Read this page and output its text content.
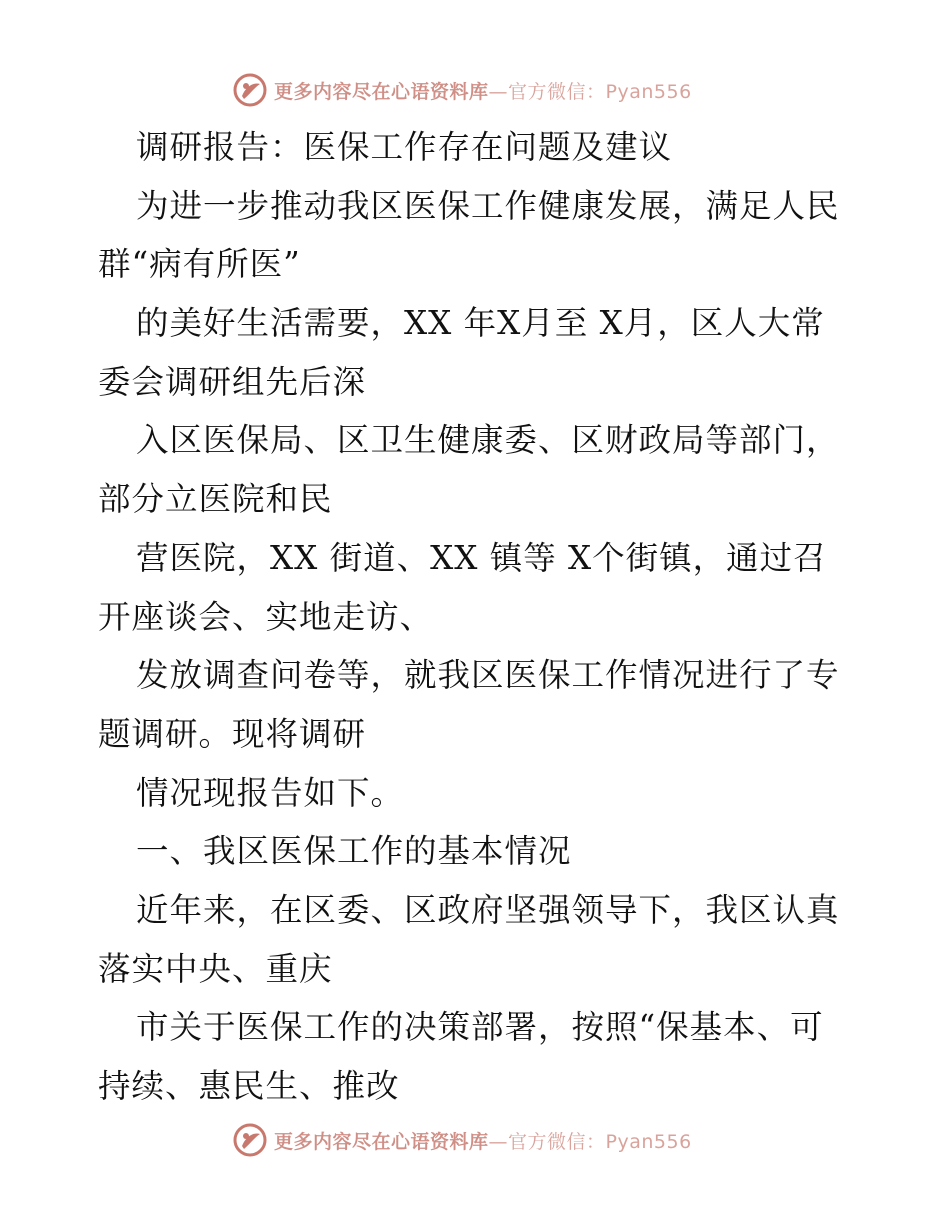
更多内容尽在心语资料库—官方微信：Pyan556
调研报告：医保工作存在问题及建议
为进一步推动我区医保工作健康发展，满足人民
群“病有所医”
的美好生活需要，XX 年X月至 X月，区人大常
委会调研组先后深
入区医保局、区卫生健康委、区财政局等部门，
部分立医院和民
营医院，XX 街道、XX 镇等 X个街镇，通过召
开座谈会、实地走访、
发放调查问卷等，就我区医保工作情况进行了专
题调研。现将调研
情况现报告如下。
一、我区医保工作的基本情况
近年来，在区委、区政府坚强领导下，我区认真
落实中央、重庆
市关于医保工作的决策部署，按照“保基本、可
持续、惠民生、推改
更多内容尽在心语资料库—官方微信：Pyan556
